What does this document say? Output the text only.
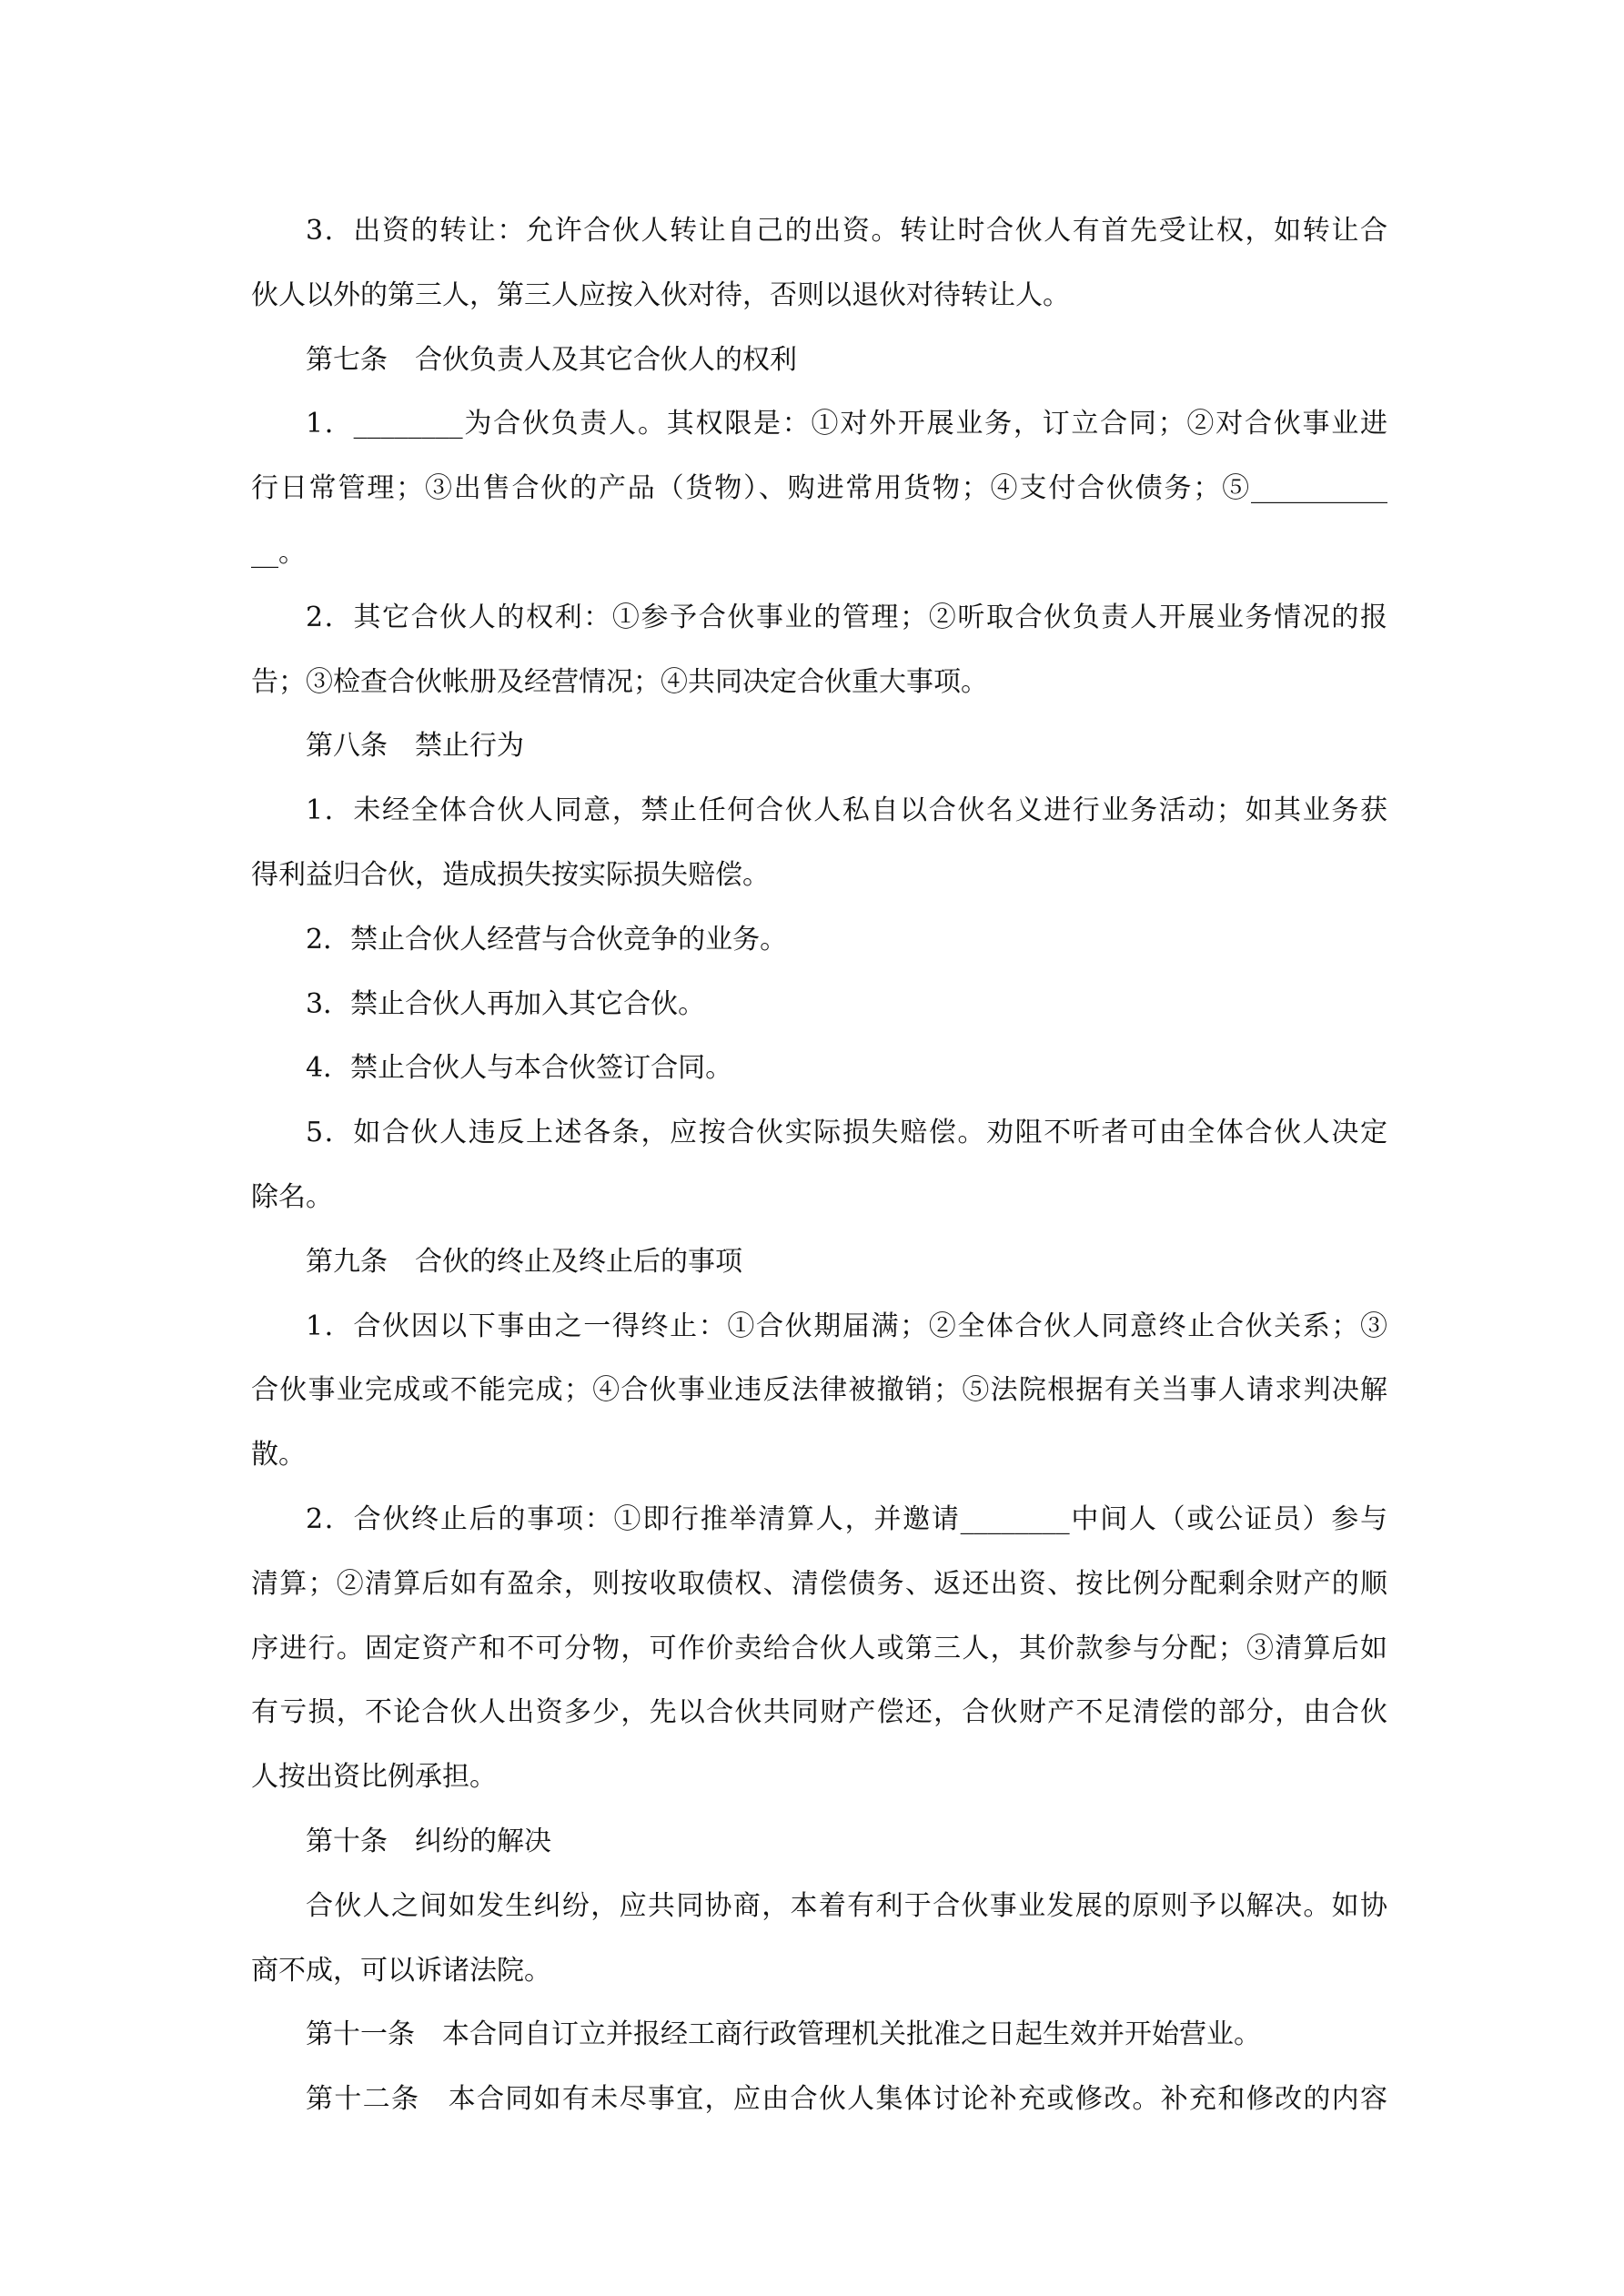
3．出资的转让：允许合伙人转让自己的出资。转让时合伙人有首先受让权，如转让合
伙人以外的第三人，第三人应按入伙对待，否则以退伙对待转让人。
第七条　合伙负责人及其它合伙人的权利
1．________为合伙负责人。其权限是：①对外开展业务，订立合同；②对合伙事业进
行日常管理；③出售合伙的产品（货物）、购进常用货物；④支付合伙债务；⑤__________
__。
2．其它合伙人的权利：①参予合伙事业的管理；②听取合伙负责人开展业务情况的报
告；③检查合伙帐册及经营情况；④共同决定合伙重大事项。
第八条　禁止行为
1．未经全体合伙人同意，禁止任何合伙人私自以合伙名义进行业务活动；如其业务获
得利益归合伙，造成损失按实际损失赔偿。
2．禁止合伙人经营与合伙竞争的业务。
3．禁止合伙人再加入其它合伙。
4．禁止合伙人与本合伙签订合同。
5．如合伙人违反上述各条，应按合伙实际损失赔偿。劝阻不听者可由全体合伙人决定
除名。
第九条　合伙的终止及终止后的事项
1．合伙因以下事由之一得终止：①合伙期届满；②全体合伙人同意终止合伙关系；③
合伙事业完成或不能完成；④合伙事业违反法律被撤销；⑤法院根据有关当事人请求判决解
散。
2．合伙终止后的事项：①即行推举清算人，并邀请________中间人（或公证员）参与
清算；②清算后如有盈余，则按收取债权、清偿债务、返还出资、按比例分配剩余财产的顺
序进行。固定资产和不可分物，可作价卖给合伙人或第三人，其价款参与分配；③清算后如
有亏损，不论合伙人出资多少，先以合伙共同财产偿还，合伙财产不足清偿的部分，由合伙
人按出资比例承担。
第十条　纠纷的解决
合伙人之间如发生纠纷，应共同协商，本着有利于合伙事业发展的原则予以解决。如协
商不成，可以诉诸法院。
第十一条　本合同自订立并报经工商行政管理机关批准之日起生效并开始营业。
第十二条　本合同如有未尽事宜，应由合伙人集体讨论补充或修改。补充和修改的内容
